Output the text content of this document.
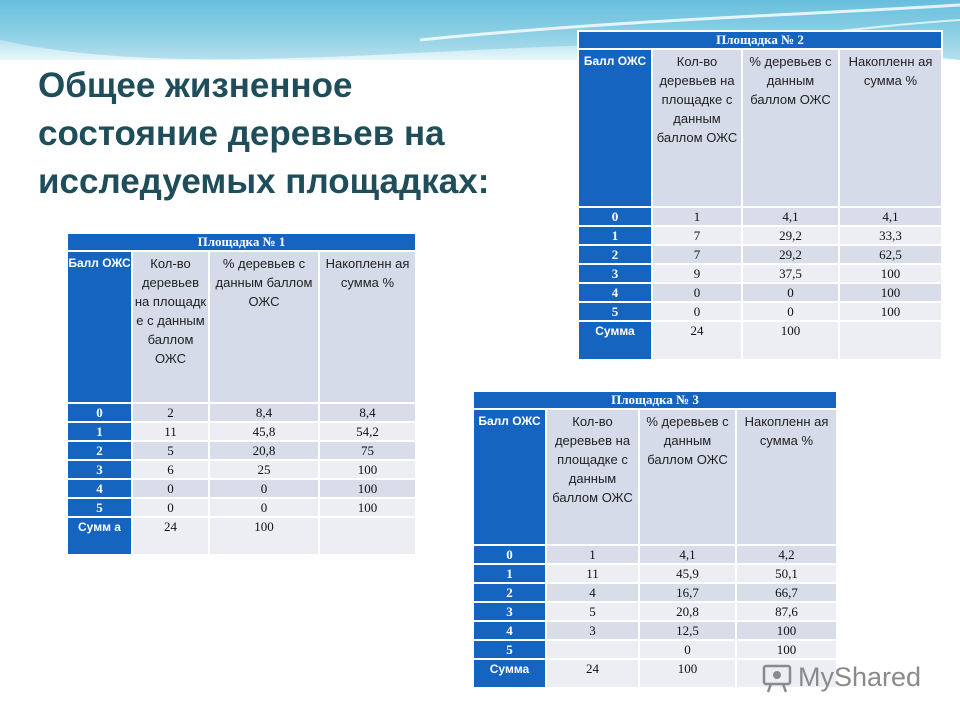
Общее жизненное
состояние деревьев на
исследуемых площадках:
Площадка № 1			
Балл ОЖС	Кол-во деревьев на площадк е с данным баллом ОЖС	% деревьев с данным баллом ОЖС	Накопленн ая сумма %
0	2	8,4	8,4
1	11	45,8	54,2
2	5	20,8	75
3	6	25	100
4	0	0	100
5	0	0	100
Сумм а	24	100	
Площадка № 2			
Балл ОЖС	Кол-во деревьев на площадке с данным баллом ОЖС	% деревьев с данным баллом ОЖС	Накопленн ая сумма %
0	1	4,1	4,1
1	7	29,2	33,3
2	7	29,2	62,5
3	9	37,5	100
4	0	0	100
5	0	0	100
Сумма	24	100	
Площадка № 3			
Балл ОЖС	Кол-во деревьев на площадке с данным баллом ОЖС	% деревьев с данным баллом ОЖС	Накопленн ая сумма %
0	1	4,1	4,2
1	11	45,9	50,1
2	4	16,7	66,7
3	5	20,8	87,6
4	3	12,5	100
5		0	100
Сумма	24	100		MyShared
